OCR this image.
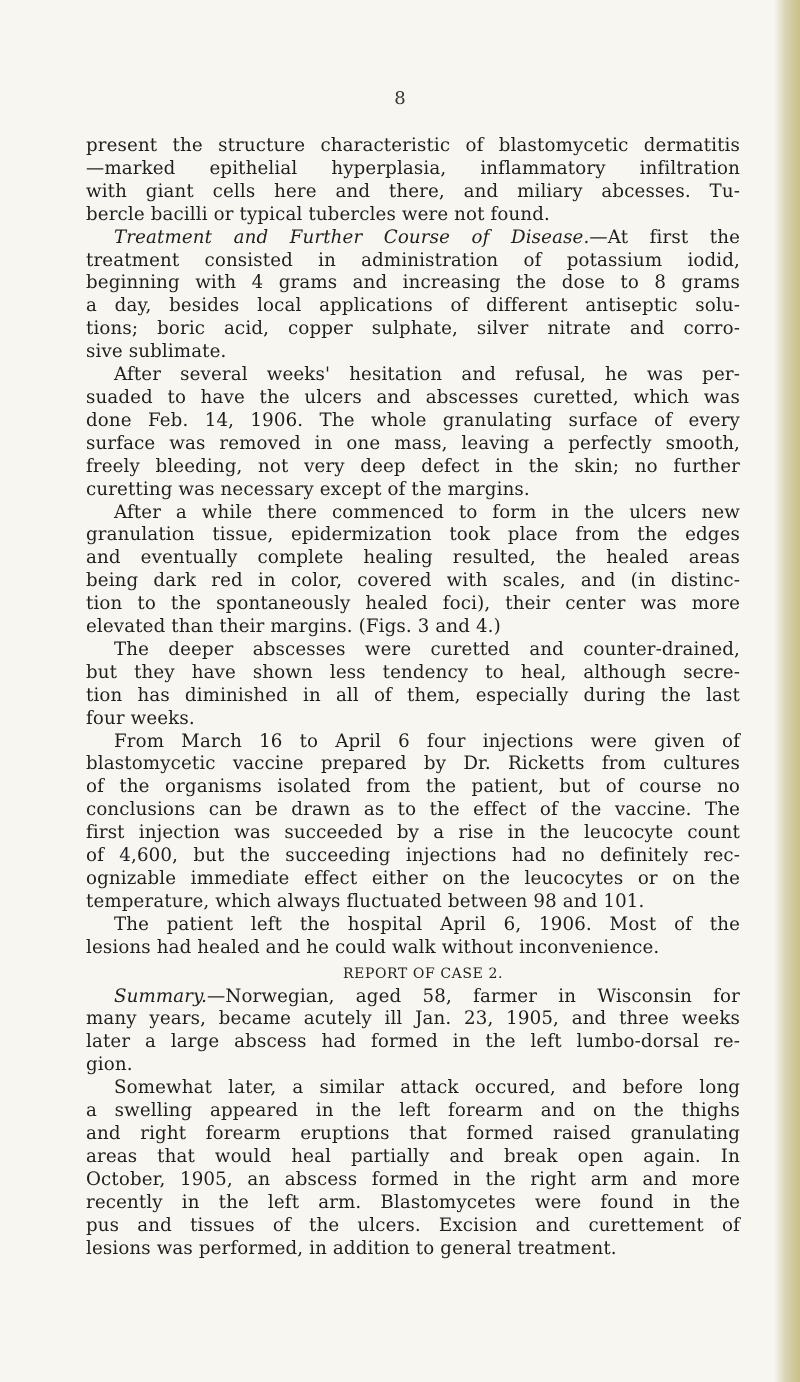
8
present the structure characteristic of blastomycetic dermatitis
—marked epithelial hyperplasia, inflammatory infiltration
with giant cells here and there, and miliary abcesses. Tu-
bercle bacilli or typical tubercles were not found.
Treatment and Further Course of Disease.—At first the
treatment consisted in administration of potassium iodid,
beginning with 4 grams and increasing the dose to 8 grams
a day, besides local applications of different antiseptic solu-
tions; boric acid, copper sulphate, silver nitrate and corro-
sive sublimate.
After several weeks' hesitation and refusal, he was per-
suaded to have the ulcers and abscesses curetted, which was
done Feb. 14, 1906. The whole granulating surface of every
surface was removed in one mass, leaving a perfectly smooth,
freely bleeding, not very deep defect in the skin; no further
curetting was necessary except of the margins.
After a while there commenced to form in the ulcers new
granulation tissue, epidermization took place from the edges
and eventually complete healing resulted, the healed areas
being dark red in color, covered with scales, and (in distinc-
tion to the spontaneously healed foci), their center was more
elevated than their margins. (Figs. 3 and 4.)
The deeper abscesses were curetted and counter-drained,
but they have shown less tendency to heal, although secre-
tion has diminished in all of them, especially during the last
four weeks.
From March 16 to April 6 four injections were given of
blastomycetic vaccine prepared by Dr. Ricketts from cultures
of the organisms isolated from the patient, but of course no
conclusions can be drawn as to the effect of the vaccine. The
first injection was succeeded by a rise in the leucocyte count
of 4,600, but the succeeding injections had no definitely rec-
ognizable immediate effect either on the leucocytes or on the
temperature, which always fluctuated between 98 and 101.
The patient left the hospital April 6, 1906. Most of the
lesions had healed and he could walk without inconvenience.
REPORT OF CASE 2.
Summary.—Norwegian, aged 58, farmer in Wisconsin for
many years, became acutely ill Jan. 23, 1905, and three weeks
later a large abscess had formed in the left lumbo-dorsal re-
gion.
Somewhat later, a similar attack occured, and before long
a swelling appeared in the left forearm and on the thighs
and right forearm eruptions that formed raised granulating
areas that would heal partially and break open again. In
October, 1905, an abscess formed in the right arm and more
recently in the left arm. Blastomycetes were found in the
pus and tissues of the ulcers. Excision and curettement of
lesions was performed, in addition to general treatment.
